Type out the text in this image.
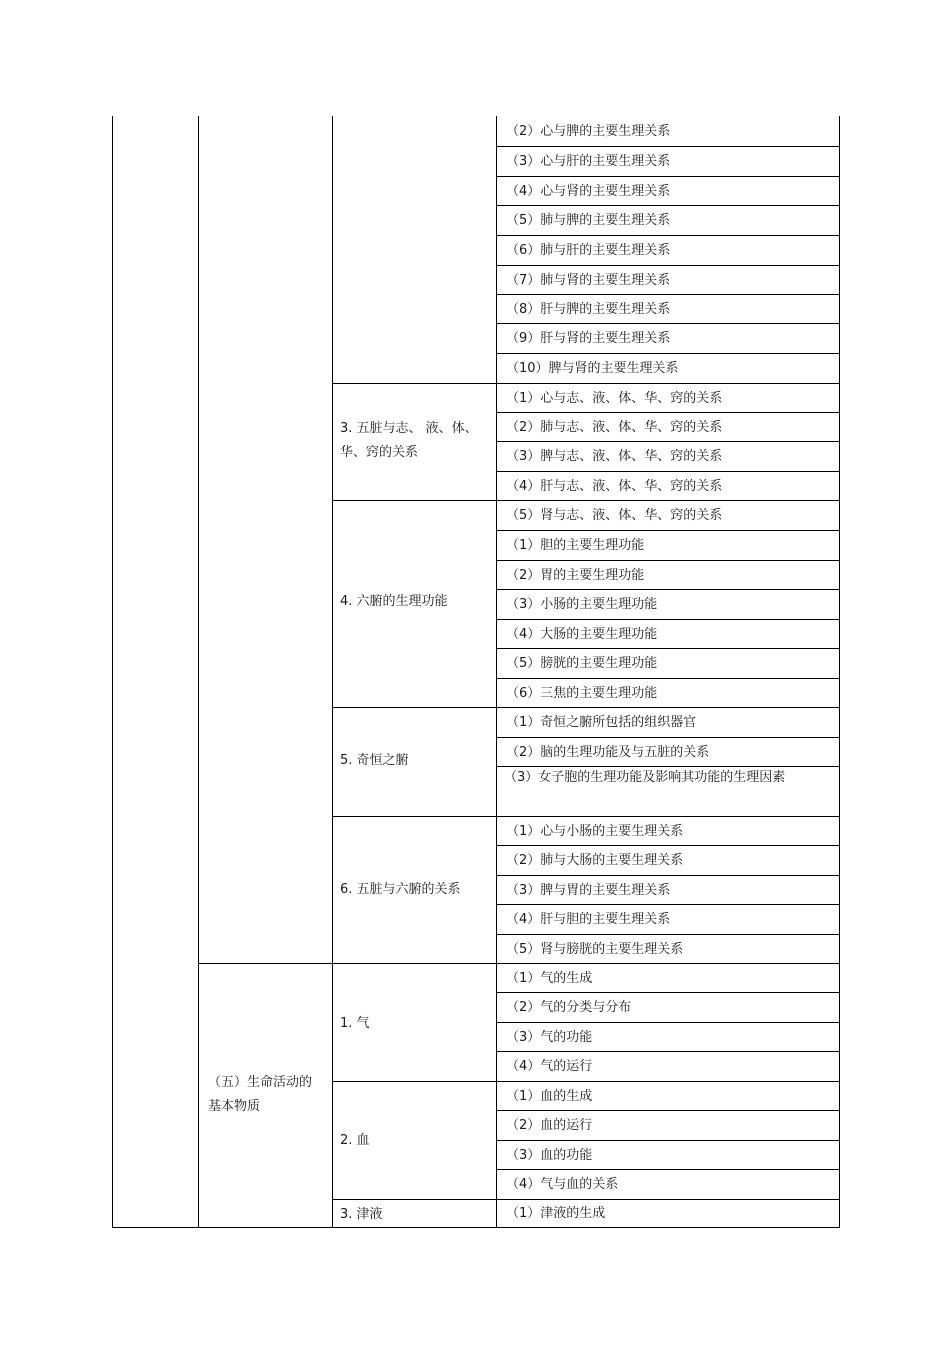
（2）心与脾的主要生理关系
（3）心与肝的主要生理关系
（4）心与肾的主要生理关系
（5）肺与脾的主要生理关系
（6）肺与肝的主要生理关系
（7）肺与肾的主要生理关系
（8）肝与脾的主要生理关系
（9）肝与肾的主要生理关系
（10）脾与肾的主要生理关系
（1）心与志、液、体、华、窍的关系
（2）肺与志、液、体、华、窍的关系
（3）脾与志、液、体、华、窍的关系
（4）肝与志、液、体、华、窍的关系
3. 五脏与志、 液、体、华、窍的关系
（5）肾与志、液、体、华、窍的关系
（1）胆的主要生理功能
（2）胃的主要生理功能
（3）小肠的主要生理功能
（4）大肠的主要生理功能
（5）膀胱的主要生理功能
（6）三焦的主要生理功能
4. 六腑的生理功能
（1）奇恒之腑所包括的组织器官
（2）脑的生理功能及与五脏的关系
（3）女子胞的生理功能及影响其功能的生理因素
5. 奇恒之腑
（1）心与小肠的主要生理关系
（2）肺与大肠的主要生理关系
（3）脾与胃的主要生理关系
（4）肝与胆的主要生理关系
（5）肾与膀胱的主要生理关系
6. 五脏与六腑的关系
（1）气的生成
（2）气的分类与分布
（3）气的功能
（4）气的运行
1. 气
（1）血的生成
（2）血的运行
（3）血的功能
（4）气与血的关系
2. 血
（1）津液的生成
3. 津液
（五）生命活动的基本物质
